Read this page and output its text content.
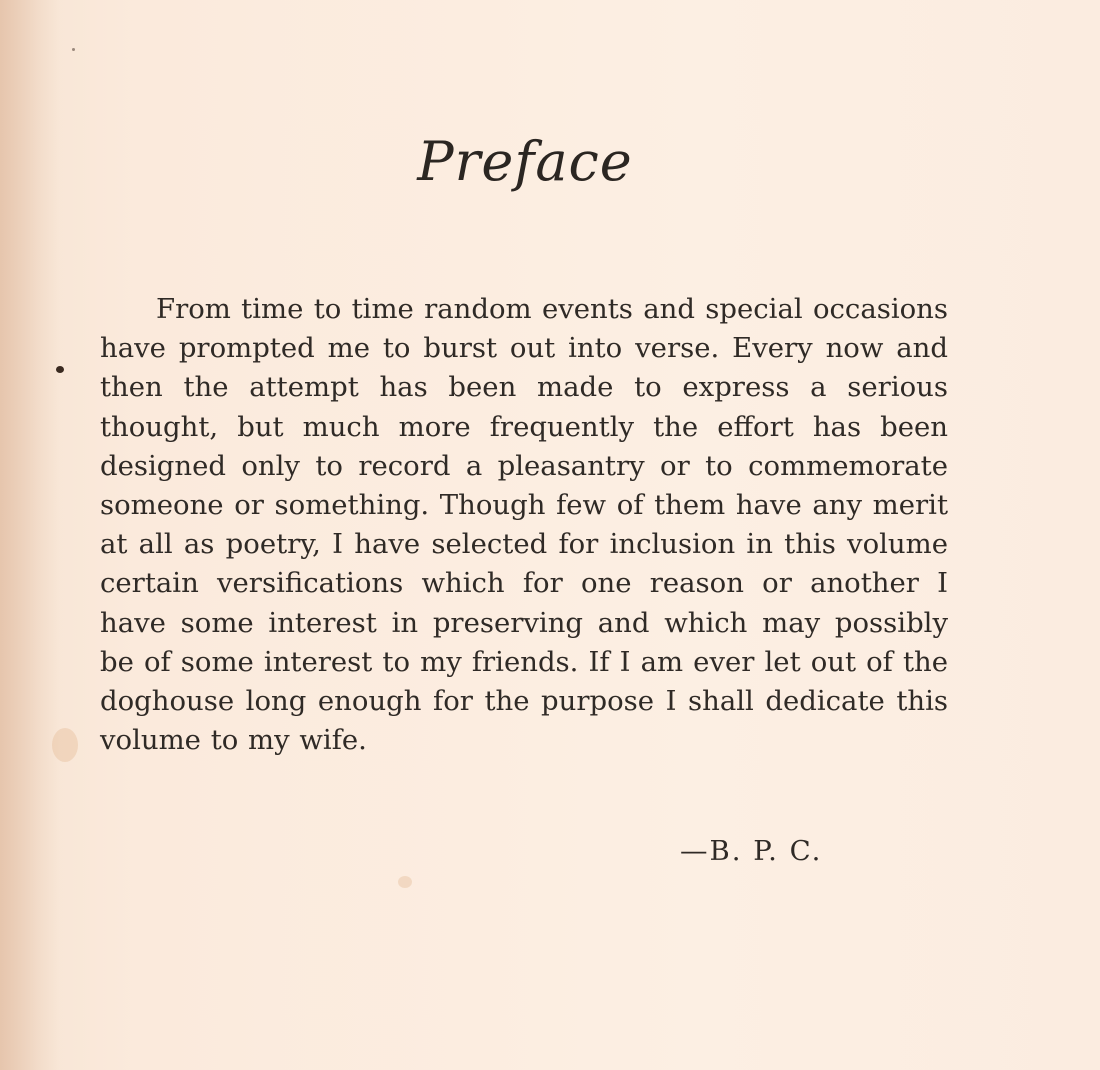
Preface

From time to time random events and special occasions have prompted me to burst out into verse. Every now and then the attempt has been made to express a serious thought, but much more frequently the effort has been designed only to record a pleasantry or to commemorate someone or something. Though few of them have any merit at all as poetry, I have selected for inclusion in this volume certain versifications which for one reason or another I have some interest in preserving and which may possibly be of some interest to my friends. If I am ever let out of the doghouse long enough for the purpose I shall dedicate this volume to my wife.

—B. P. C.
